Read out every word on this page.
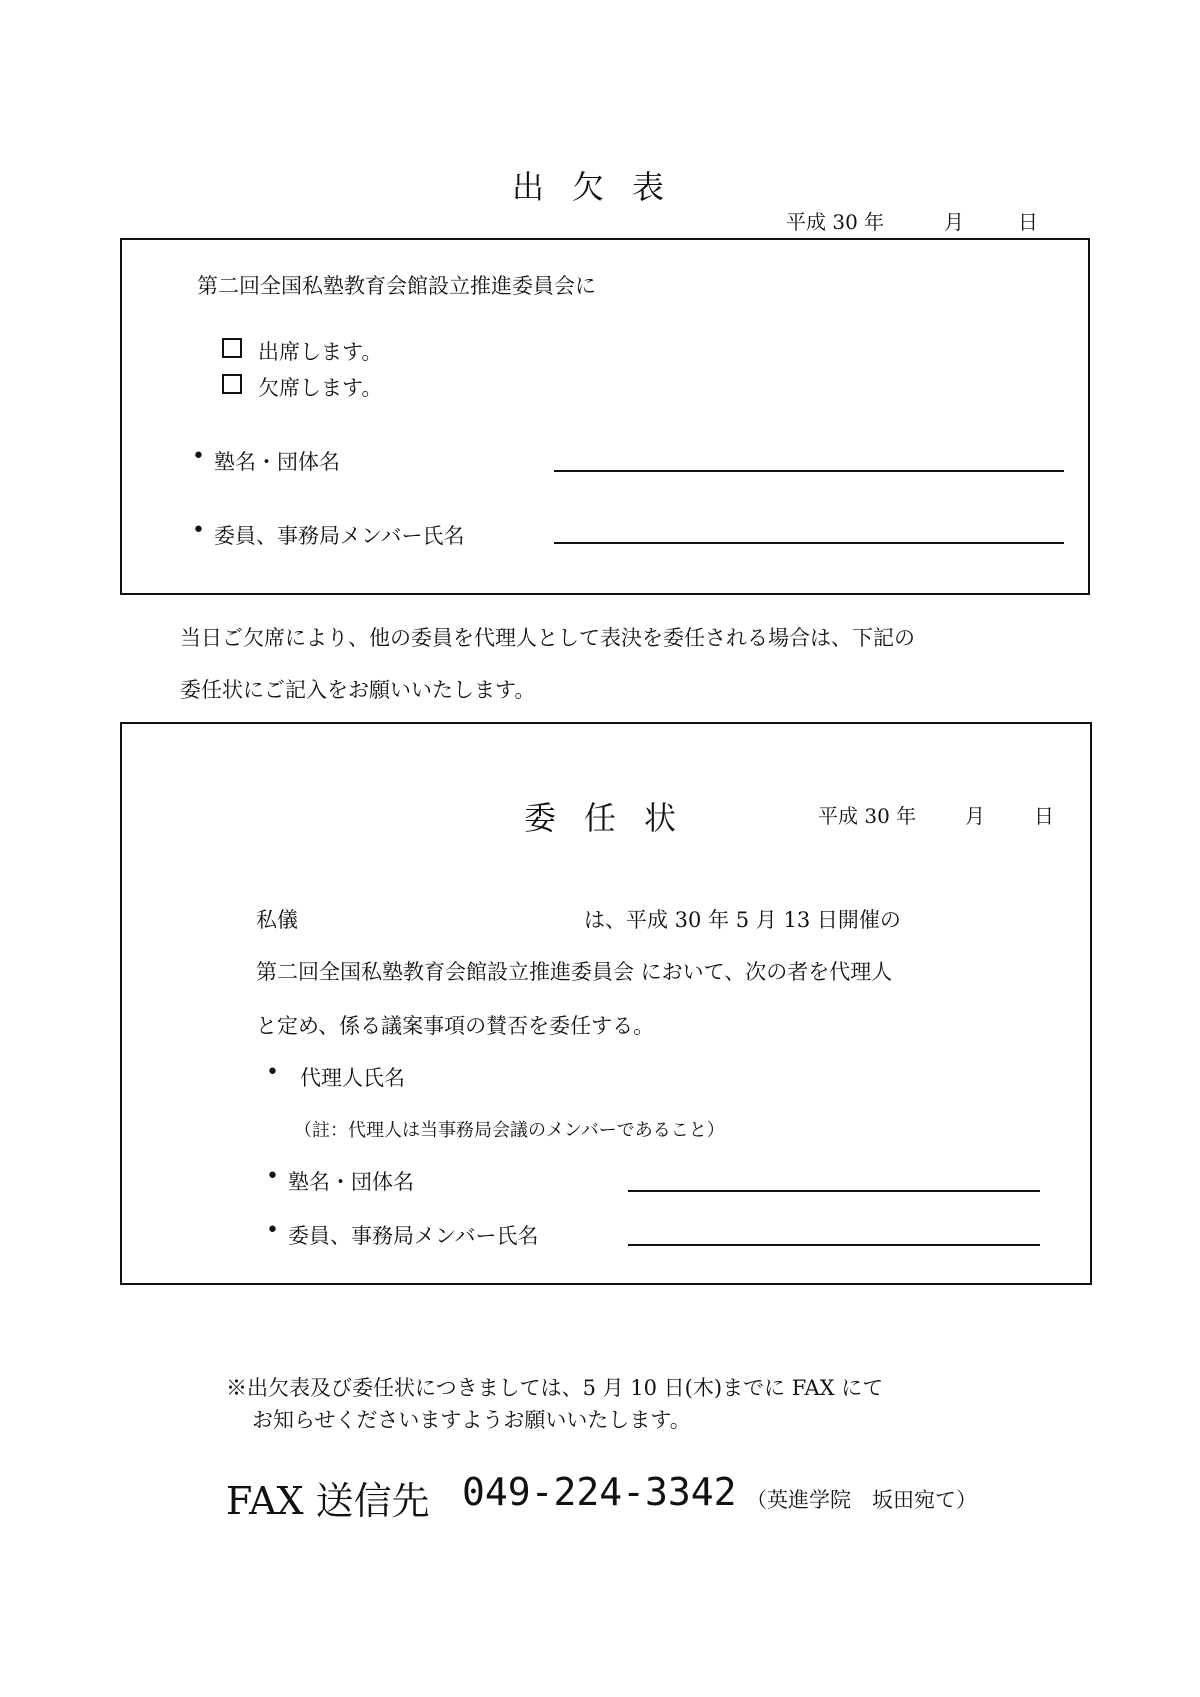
出欠表
平成 30 年	月	日
第二回全国私塾教育会館設立推進委員会に
出席します。
欠席します。
• 塾名・団体名
• 委員、事務局メンバー氏名
当日ご欠席により、他の委員を代理人として表決を委任される場合は、下記の
委任状にご記入をお願いいたします。
委任状	平成 30 年 月 日
私儀	は、平成 30 年 5 月 13 日開催の
第二回全国私塾教育会館設立推進委員会 において、次の者を代理人
と定め、係る議案事項の賛否を委任する。
• 代理人氏名
（註：代理人は当事務局会議のメンバーであること）
• 塾名・団体名
• 委員、事務局メンバー氏名
※出欠表及び委任状につきましては、5 月 10 日(木)までに FAX にて
お知らせくださいますようお願いいたします。
FAX 送信先 049-224-3342 （英進学院　坂田宛て）
